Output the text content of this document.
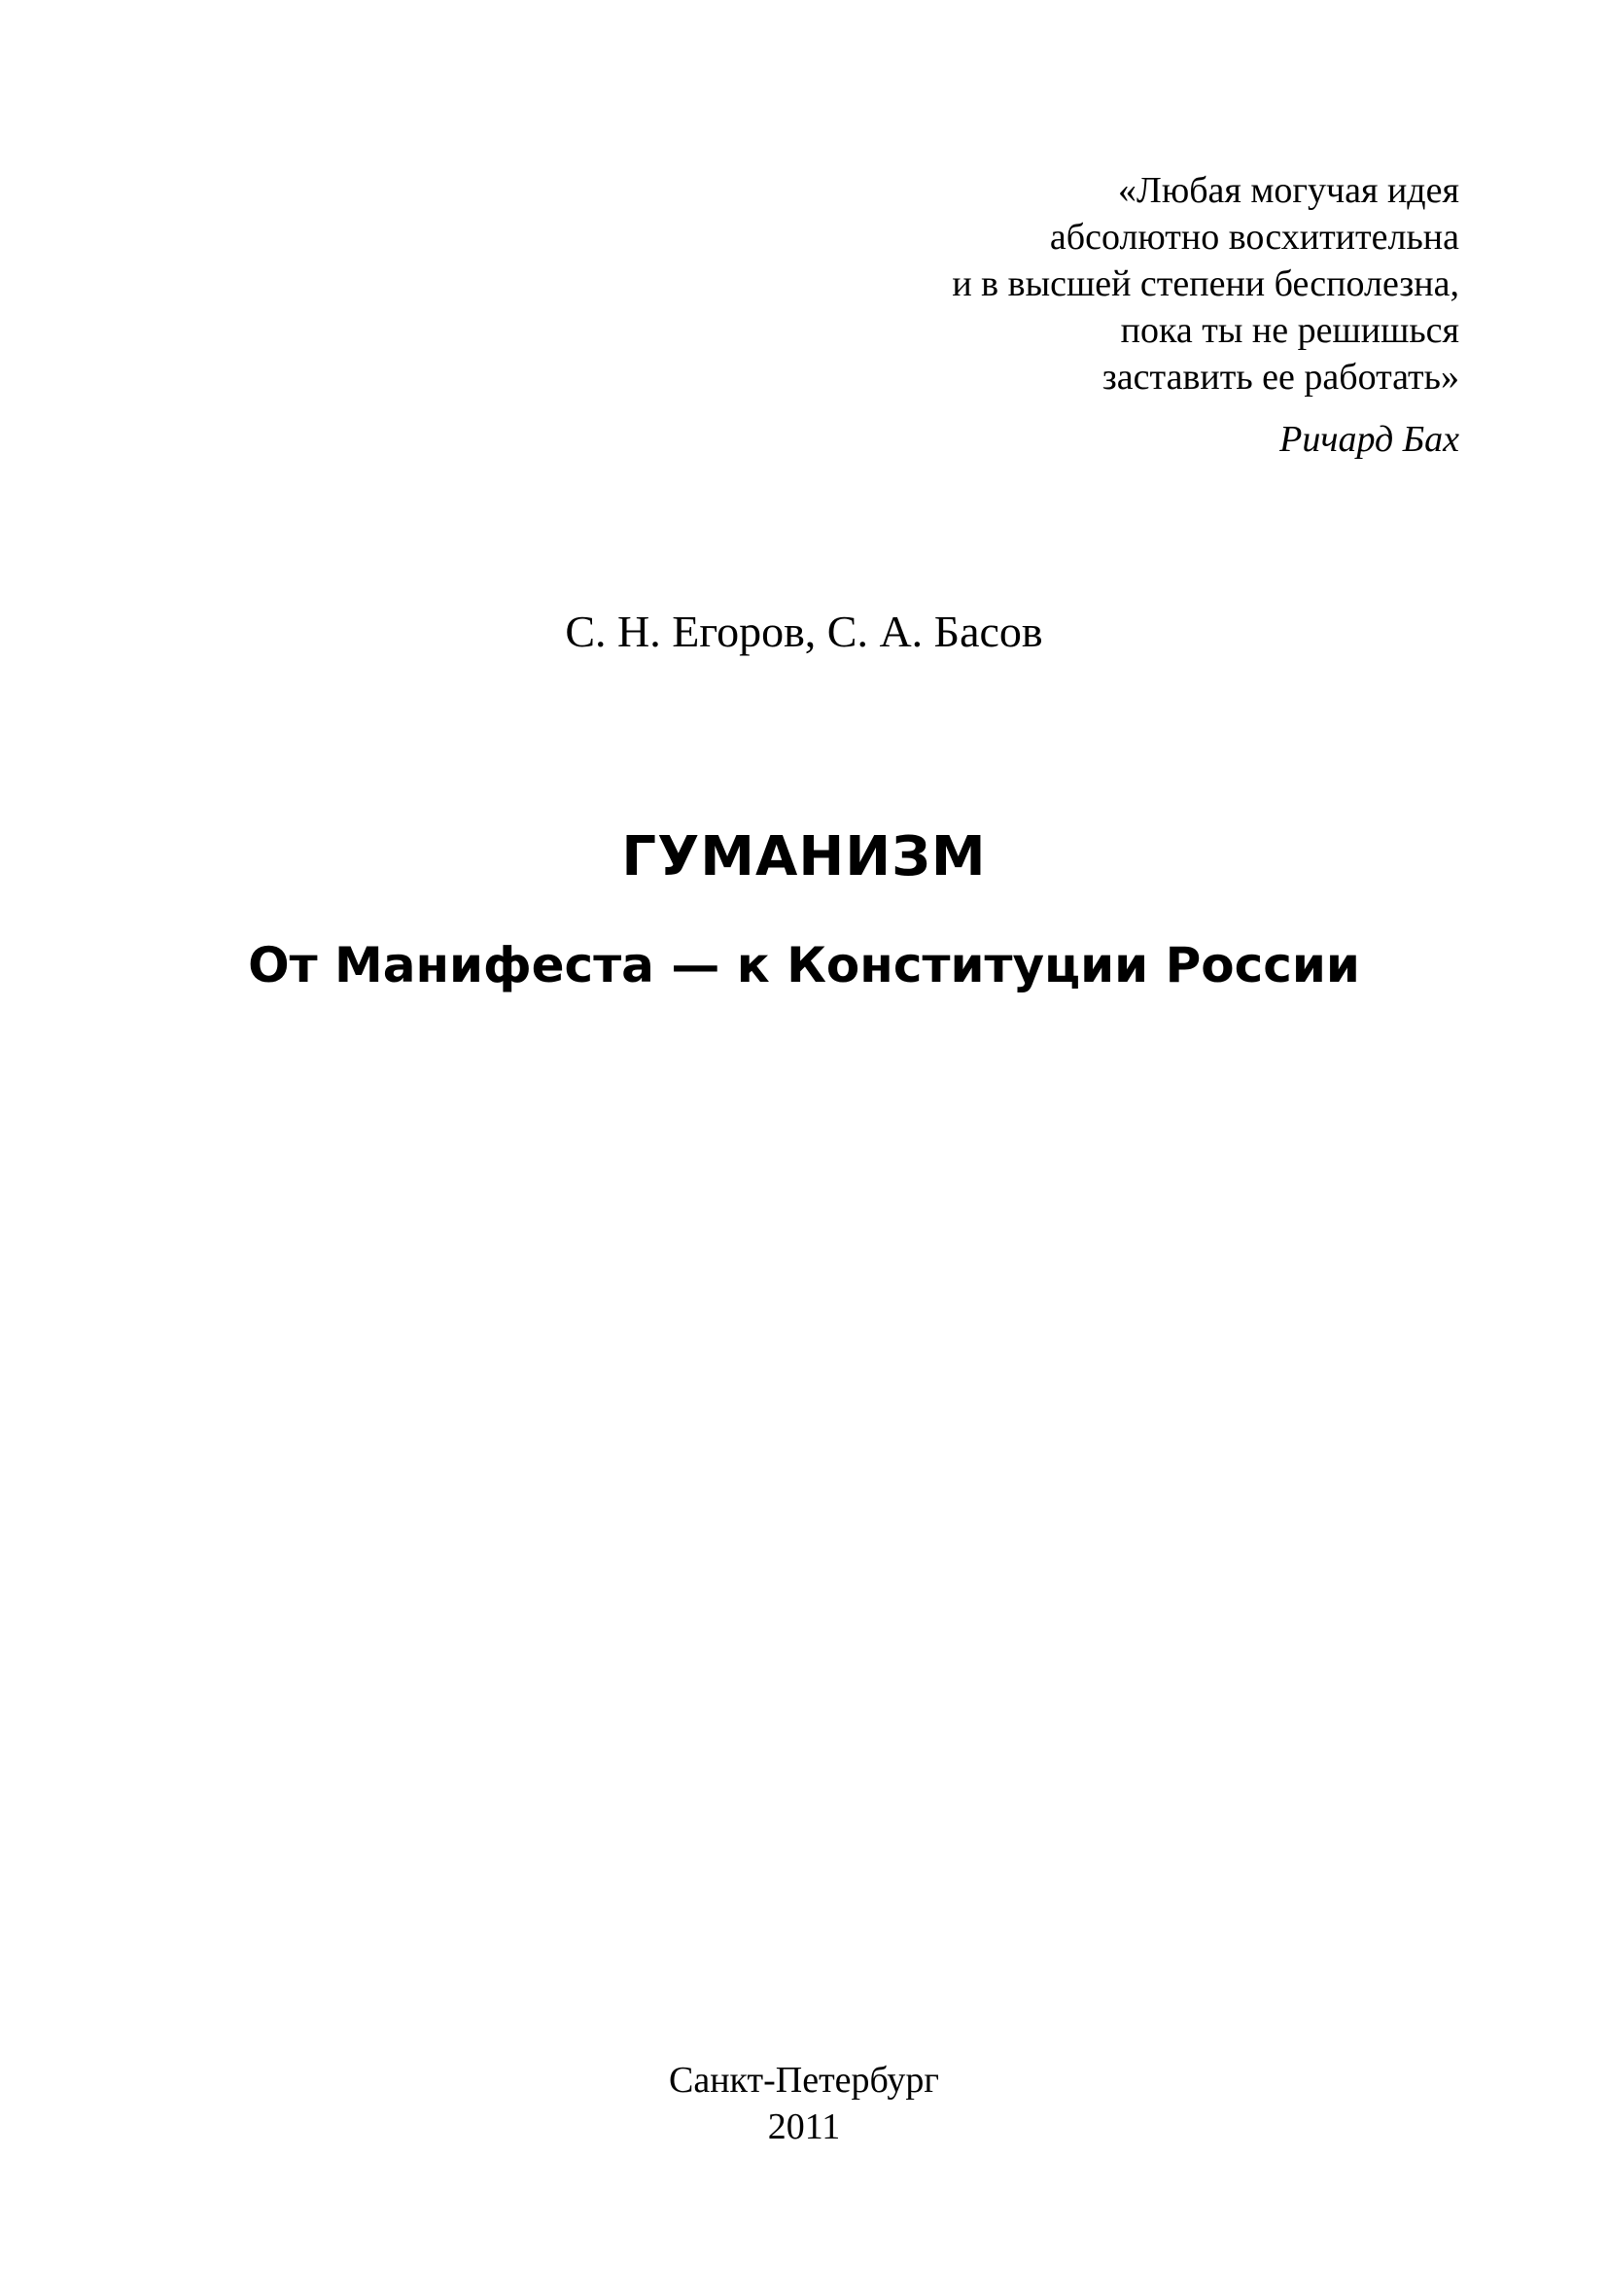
«Любая могучая идея
абсолютно восхитительна
и в высшей степени бесполезна,
пока ты не решишься
заставить ее работать»
Ричард Бах
С. Н. Егоров, С. А. Басов
ГУМАНИЗМ
От Манифеста — к Конституции России
Санкт-Петербург
2011
